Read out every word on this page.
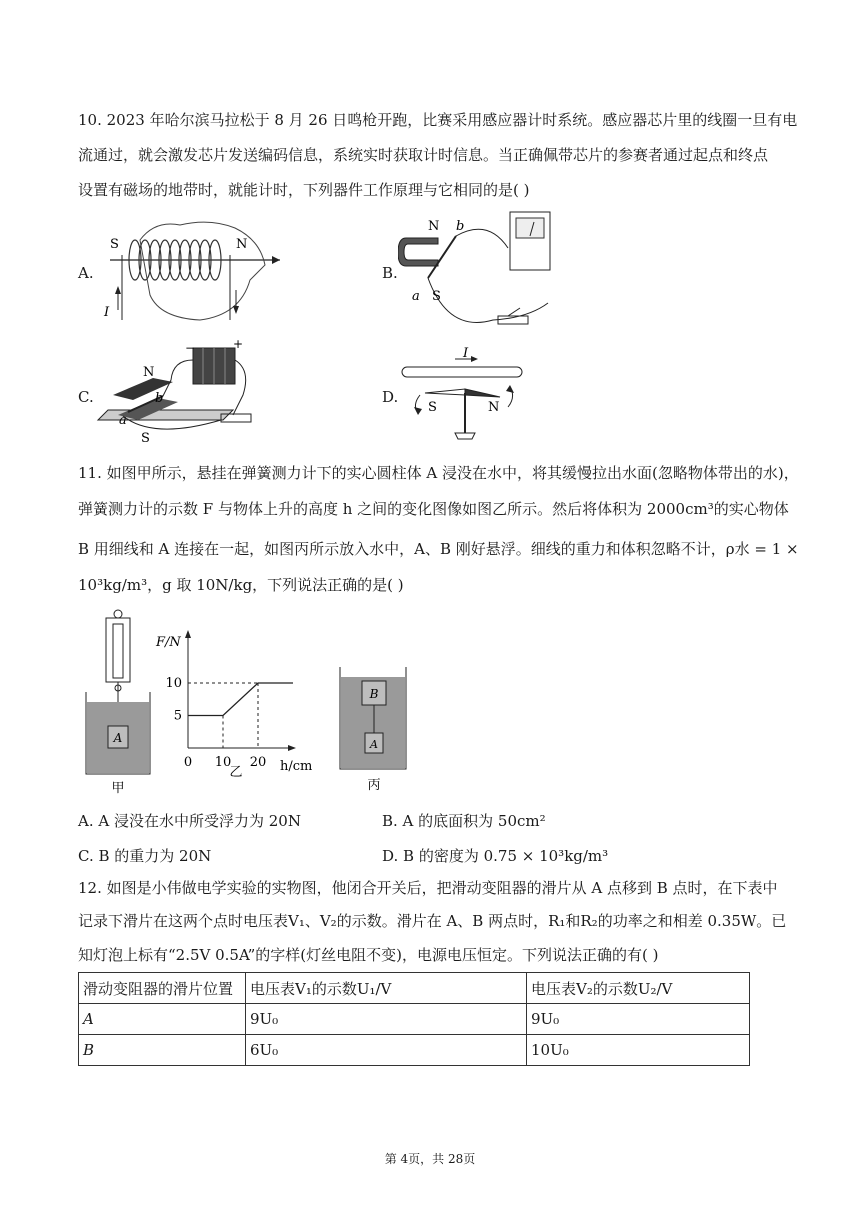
10. 2023 年哈尔滨马拉松于 8 月 26 日鸣枪开跑，比赛采用感应器计时系统。感应器芯片里的线圈一旦有电
流通过，就会激发芯片发送编码信息，系统实时获取计时信息。当正确佩带芯片的参赛者通过起点和终点
设置有磁场的地带时，就能计时，下列器件工作原理与它相同的是( )
A.	B.
C.	D.
S	N
I
N b
a S
N
b
a
S
−	+
I
S	N
11. 如图甲所示，悬挂在弹簧测力计下的实心圆柱体 A 浸没在水中，将其缓慢拉出水面(忽略物体带出的水)，
弹簧测力计的示数 F 与物体上升的高度 h 之间的变化图像如图乙所示。然后将体积为 2000cm³的实心物体
B 用细线和 A 连接在一起，如图丙所示放入水中，A、B 刚好悬浮。细线的重力和体积忽略不计，ρ水 = 1 ×
10³kg/m³，g 取 10N/kg，下列说法正确的是( )
A
甲
F/N
h/cm
乙
0 10 20
5
10
B
A
丙
A. A 浸没在水中所受浮力为 20N	B. A 的底面积为 50cm²
C. B 的重力为 20N	D. B 的密度为 0.75 × 10³kg/m³
12. 如图是小伟做电学实验的实物图，他闭合开关后，把滑动变阻器的滑片从 A 点移到 B 点时，在下表中
记录下滑片在这两个点时电压表V₁、V₂的示数。滑片在 A、B 两点时，R₁和R₂的功率之和相差 0.35W。已
知灯泡上标有“2.5V 0.5A”的字样(灯丝电阻不变)，电源电压恒定。下列说法正确的有( )
滑动变阻器的滑片位置	电压表V₁的示数U₁/V	电压表V₂的示数U₂/V
A	9U₀	9U₀
B	6U₀	10U₀
第 4页，共 28页
